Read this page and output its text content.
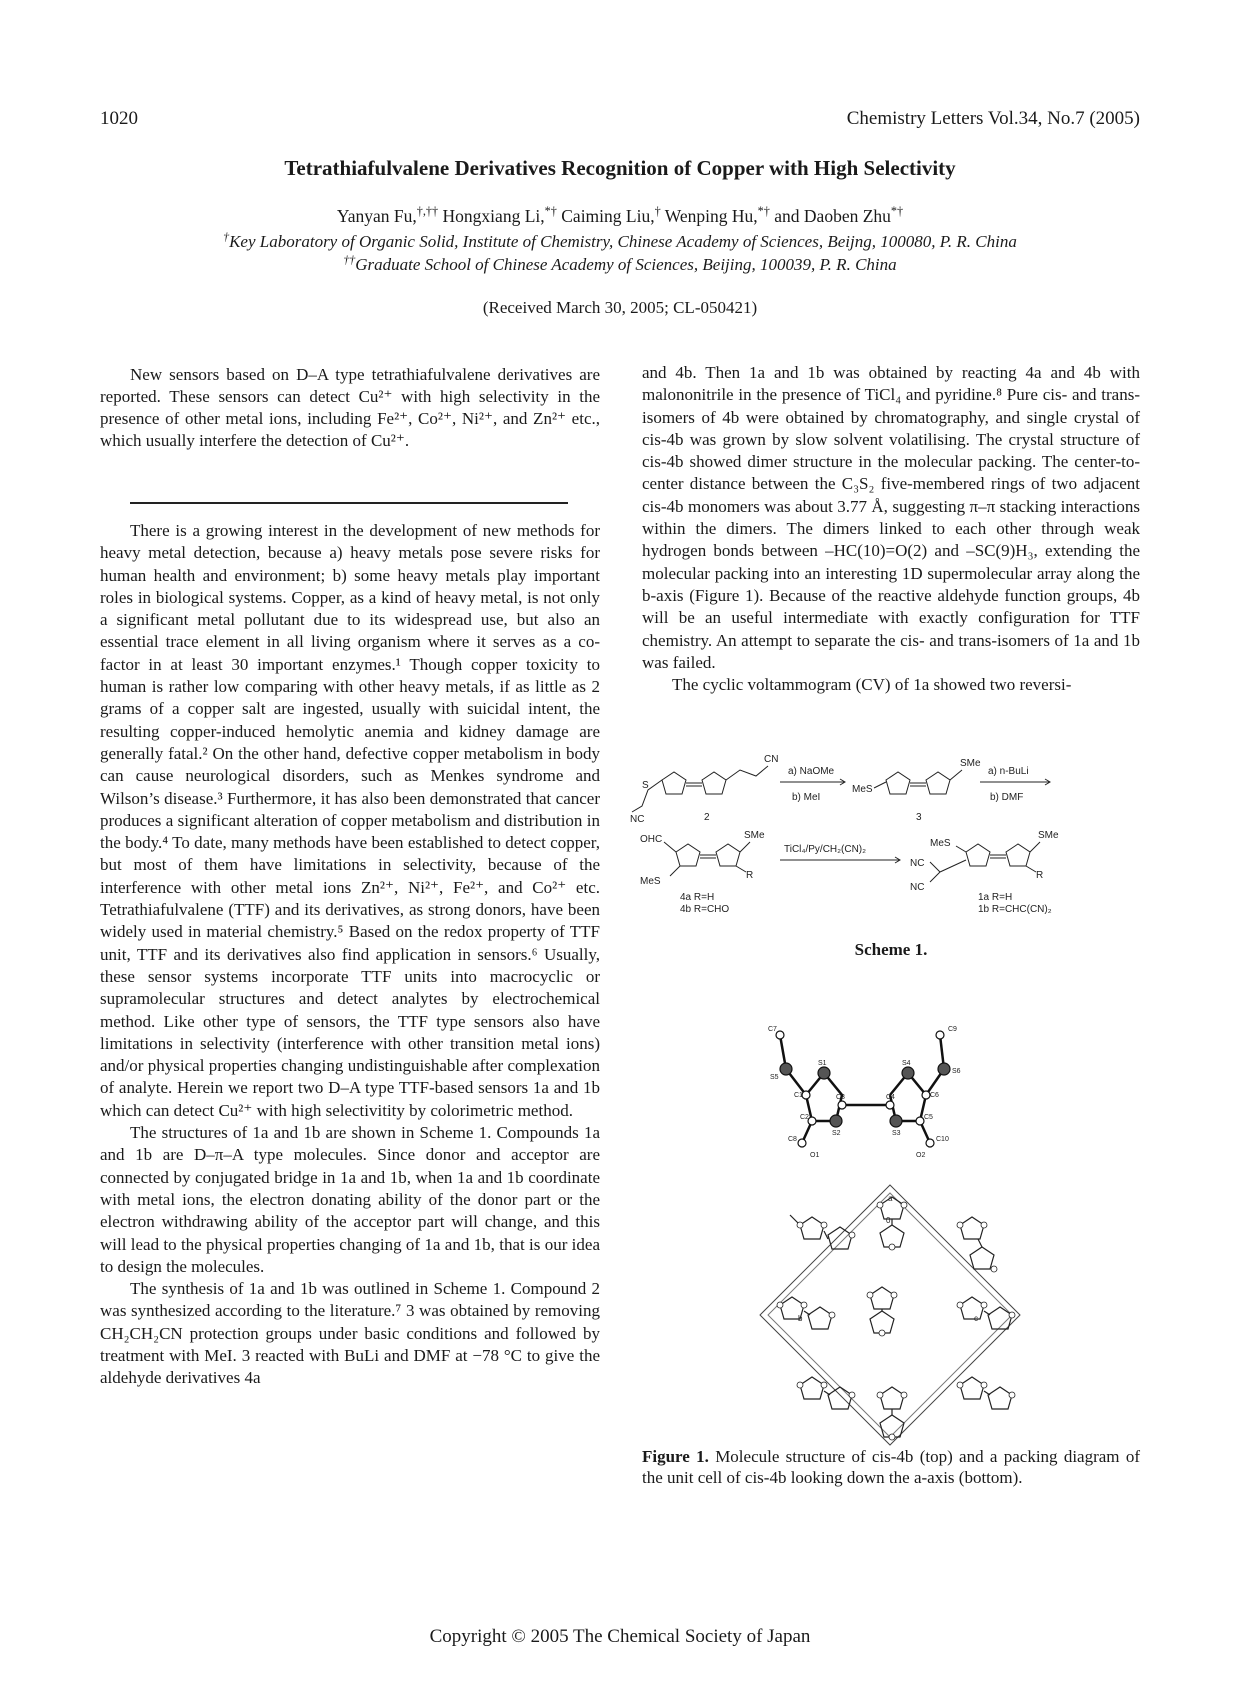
1020	Chemistry Letters Vol.34, No.7 (2005)
Tetrathiafulvalene Derivatives Recognition of Copper with High Selectivity
Yanyan Fu,†,†† Hongxiang Li,*† Caiming Liu,† Wenping Hu,*† and Daoben Zhu*†
†Key Laboratory of Organic Solid, Institute of Chemistry, Chinese Academy of Sciences, Beijng, 100080, P. R. China
††Graduate School of Chinese Academy of Sciences, Beijing, 100039, P. R. China
(Received March 30, 2005; CL-050421)

New sensors based on D–A type tetrathiafulvalene derivatives are reported. These sensors can detect Cu²⁺ with high selectivity in the presence of other metal ions, including Fe²⁺, Co²⁺, Ni²⁺, and Zn²⁺ etc., which usually interfere the detection of Cu²⁺.

There is a growing interest in the development of new methods for heavy metal detection, because a) heavy metals pose severe risks for human health and environment; b) some heavy metals play important roles in biological systems. Copper, as a kind of heavy metal, is not only a significant metal pollutant due to its widespread use, but also an essential trace element in all living organism where it serves as a co-factor in at least 30 important enzymes.¹ Though copper toxicity to human is rather low comparing with other heavy metals, if as little as 2 grams of a copper salt are ingested, usually with suicidal intent, the resulting copper-induced hemolytic anemia and kidney damage are generally fatal.² On the other hand, defective copper metabolism in body can cause neurological disorders, such as Menkes syndrome and Wilson’s disease.³ Furthermore, it has also been demonstrated that cancer produces a significant alteration of copper metabolism and distribution in the body.⁴ To date, many methods have been established to detect copper, but most of them have limitations in selectivity, because of the interference with other metal ions Zn²⁺, Ni²⁺, Fe²⁺, and Co²⁺ etc. Tetrathiafulvalene (TTF) and its derivatives, as strong donors, have been widely used in material chemistry.⁵ Based on the redox property of TTF unit, TTF and its derivatives also find application in sensors.⁶ Usually, these sensor systems incorporate TTF units into macrocyclic or supramolecular structures and detect analytes by electrochemical method. Like other type of sensors, the TTF type sensors also have limitations in selectivity (interference with other transition metal ions) and/or physical properties changing undistinguishable after complexation of analyte. Herein we report two D–A type TTF-based sensors 1a and 1b which can detect Cu²⁺ with high selectivitity by colorimetric method.

The structures of 1a and 1b are shown in Scheme 1. Compounds 1a and 1b are D–π–A type molecules. Since donor and acceptor are connected by conjugated bridge in 1a and 1b, when 1a and 1b coordinate with metal ions, the electron donating ability of the donor part or the electron withdrawing ability of the acceptor part will change, and this will lead to the physical properties changing of 1a and 1b, that is our idea to design the molecules.

The synthesis of 1a and 1b was outlined in Scheme 1. Compound 2 was synthesized according to the literature.⁷ 3 was obtained by removing CH₂CH₂CN protection groups under basic conditions and followed by treatment with MeI. 3 reacted with BuLi and DMF at −78 °C to give the aldehyde derivatives 4a

and 4b. Then 1a and 1b was obtained by reacting 4a and 4b with malononitrile in the presence of TiCl₄ and pyridine.⁸ Pure cis- and trans-isomers of 4b were obtained by chromatography, and single crystal of cis-4b was grown by slow solvent volatilising. The crystal structure of cis-4b showed dimer structure in the molecular packing. The center-to-center distance between the C₃S₂ five-membered rings of two adjacent cis-4b monomers was about 3.77 Å, suggesting π–π stacking interactions within the dimers. The dimers linked to each other through weak hydrogen bonds between –HC(10)=O(2) and –SC(9)H₃, extending the molecular packing into an interesting 1D supermolecular array along the b-axis (Figure 1). Because of the reactive aldehyde function groups, 4b will be an useful intermediate with exactly configuration for TTF chemistry. An attempt to separate the cis- and trans-isomers of 1a and 1b was failed.

The cyclic voltammogram (CV) of 1a showed two reversi-

NC
CN
S
2
a) NaOMe
b) MeI
MeS
SMe
3
a) n-BuLi
b) DMF
OHC
MeS
SMe
R
4a R=H
4b R=CHO
TiCl₄/Py/CH₂(CN)₂
MeS
SMe
R
NC
NC
1a R=H
1b R=CHC(CN)₂
Scheme 1.
C7
S1	S4
C9
S6
S5
C1	C3	C4	C6
C2	C5
C8
S2	S3
C10
O1	O2
0
a
b	c

Figure 1. Molecule structure of cis-4b (top) and a packing diagram of the unit cell of cis-4b looking down the a-axis (bottom).

Copyright © 2005 The Chemical Society of Japan
